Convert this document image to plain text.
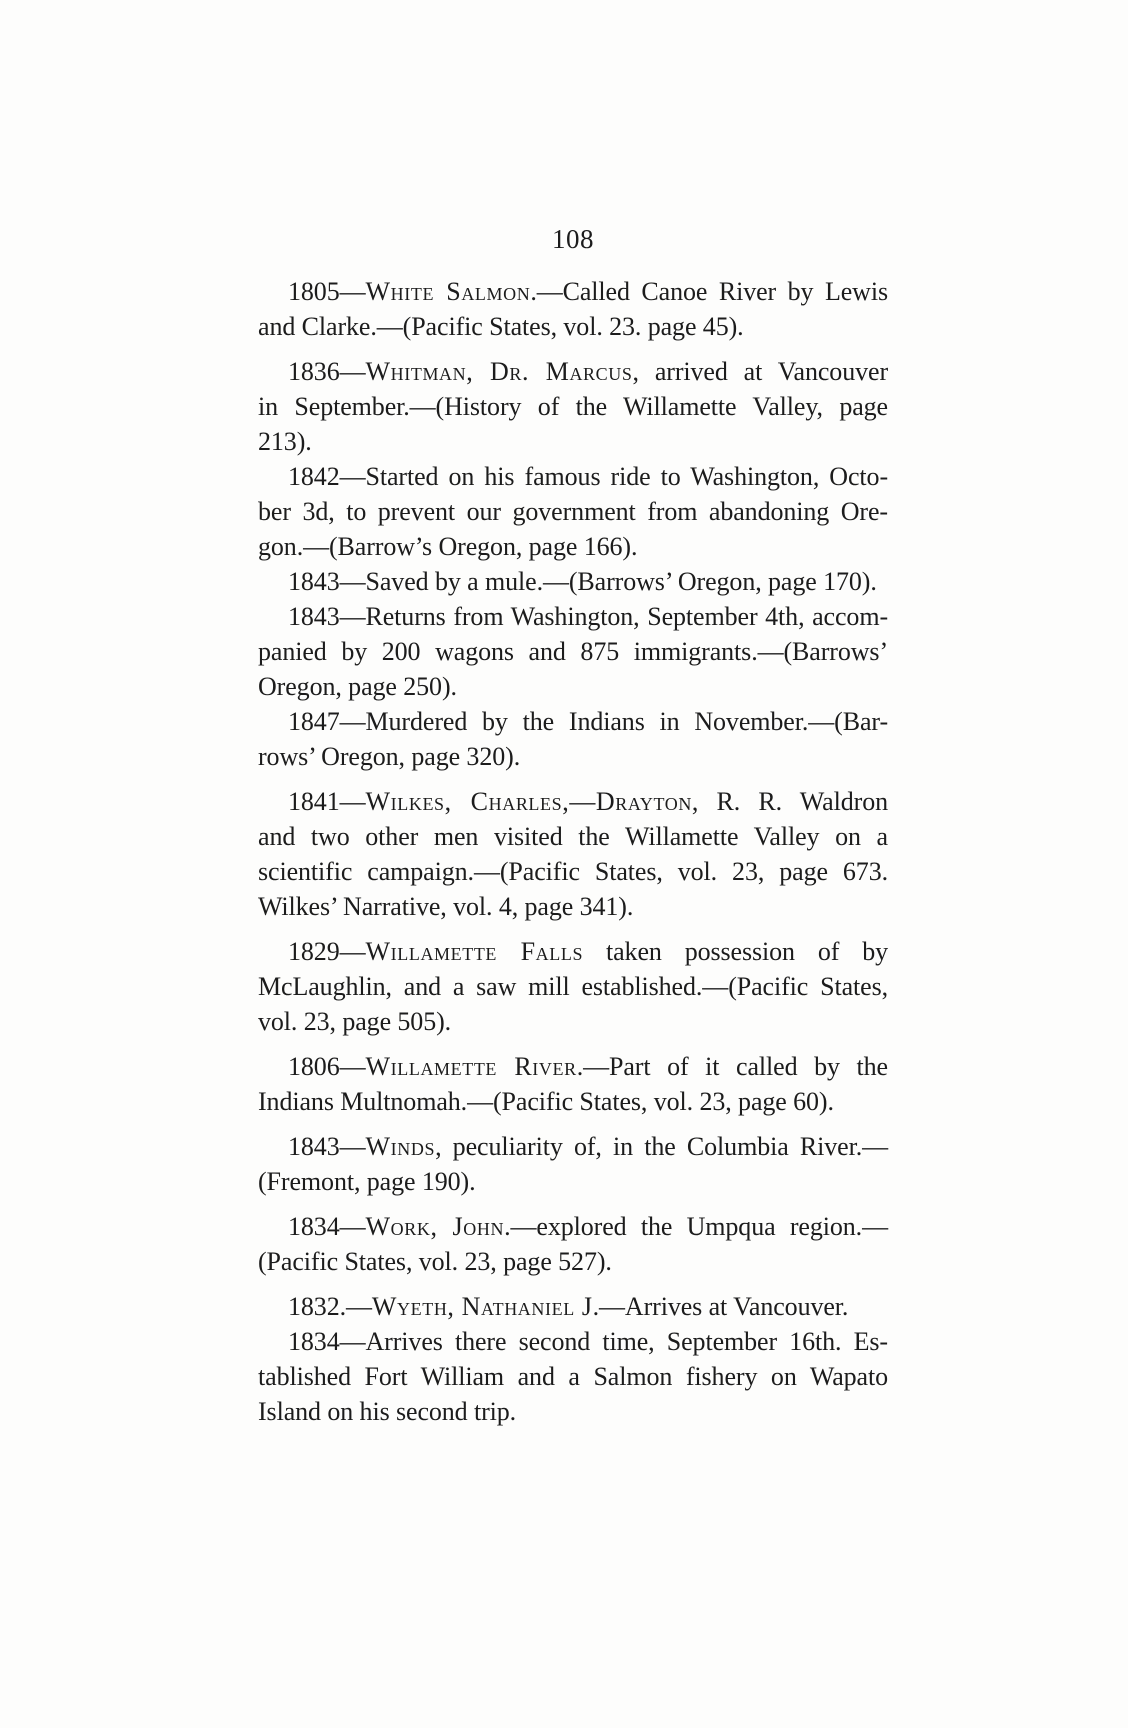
108
1805—White Salmon.—Called Canoe River by Lewis
and Clarke.—(Pacific States, vol. 23. page 45).
1836—Whitman, Dr. Marcus, arrived at Vancouver
in September.—(History of the Willamette Valley, page
213).
1842—Started on his famous ride to Washington, Octo-
ber 3d, to prevent our government from abandoning Ore-
gon.—(Barrow’s Oregon, page 166).
1843—Saved by a mule.—(Barrows’ Oregon, page 170).
1843—Returns from Washington, September 4th, accom-
panied by 200 wagons and 875 immigrants.—(Barrows’
Oregon, page 250).
1847—Murdered by the Indians in November.—(Bar-
rows’ Oregon, page 320).
1841—Wilkes, Charles,—Drayton, R. R. Waldron
and two other men visited the Willamette Valley on a
scientific campaign.—(Pacific States, vol. 23, page 673.
Wilkes’ Narrative, vol. 4, page 341).
1829—Willamette Falls taken possession of by
McLaughlin, and a saw mill established.—(Pacific States,
vol. 23, page 505).
1806—Willamette River.—Part of it called by the
Indians Multnomah.—(Pacific States, vol. 23, page 60).
1843—Winds, peculiarity of, in the Columbia River.—
(Fremont, page 190).
1834—Work, John.—explored the Umpqua region.—
(Pacific States, vol. 23, page 527).
1832.—Wyeth, Nathaniel J.—Arrives at Vancouver.
1834—Arrives there second time, September 16th. Es-
tablished Fort William and a Salmon fishery on Wapato
Island on his second trip.
